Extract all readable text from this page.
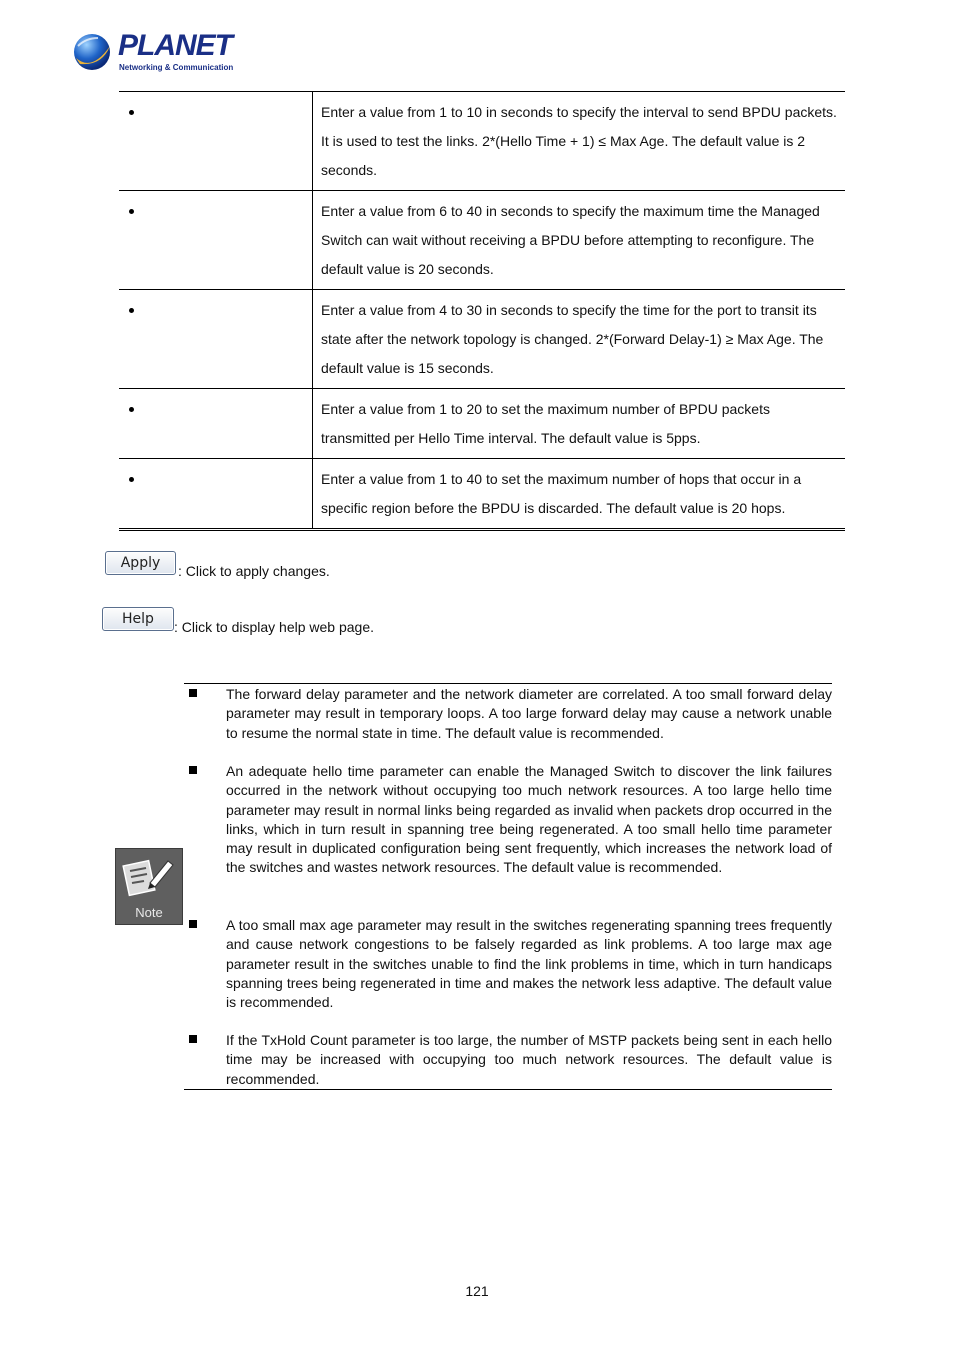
PLANET
Networking & Communication
	Enter a value from 1 to 10 in seconds to specify the interval to send BPDU packets. It is used to test the links. 2*(Hello Time + 1) ≤ Max Age. The default value is 2 seconds.
	Enter a value from 6 to 40 in seconds to specify the maximum time the Managed Switch can wait without receiving a BPDU before attempting to reconfigure. The default value is 20 seconds.
	Enter a value from 4 to 30 in seconds to specify the time for the port to transit its state after the network topology is changed. 2*(Forward Delay-1) ≥ Max Age. The default value is 15 seconds.
	Enter a value from 1 to 20 to set the maximum number of BPDU packets transmitted per Hello Time interval. The default value is 5pps.
	Enter a value from 1 to 40 to set the maximum number of hops that occur in a specific region before the BPDU is discarded. The default value is 20 hops.
Apply	: Click to apply changes.
Help	: Click to display help web page.
Note
The forward delay parameter and the network diameter are correlated. A too small forward delay parameter may result in temporary loops. A too large forward delay may cause a network unable to resume the normal state in time. The default value is recommended.
An adequate hello time parameter can enable the Managed Switch to discover the link failures occurred in the network without occupying too much network resources. A too large hello time parameter may result in normal links being regarded as invalid when packets drop occurred in the links, which in turn result in spanning tree being regenerated. A too small hello time parameter may result in duplicated configuration being sent frequently, which increases the network load of the switches and wastes network resources. The default value is recommended.
A too small max age parameter may result in the switches regenerating spanning trees frequently and cause network congestions to be falsely regarded as link problems. A too large max age parameter result in the switches unable to find the link problems in time, which in turn handicaps spanning trees being regenerated in time and makes the network less adaptive. The default value is recommended.
If the TxHold Count parameter is too large, the number of MSTP packets being sent in each hello time may be increased with occupying too much network resources. The default value is recommended.
121
